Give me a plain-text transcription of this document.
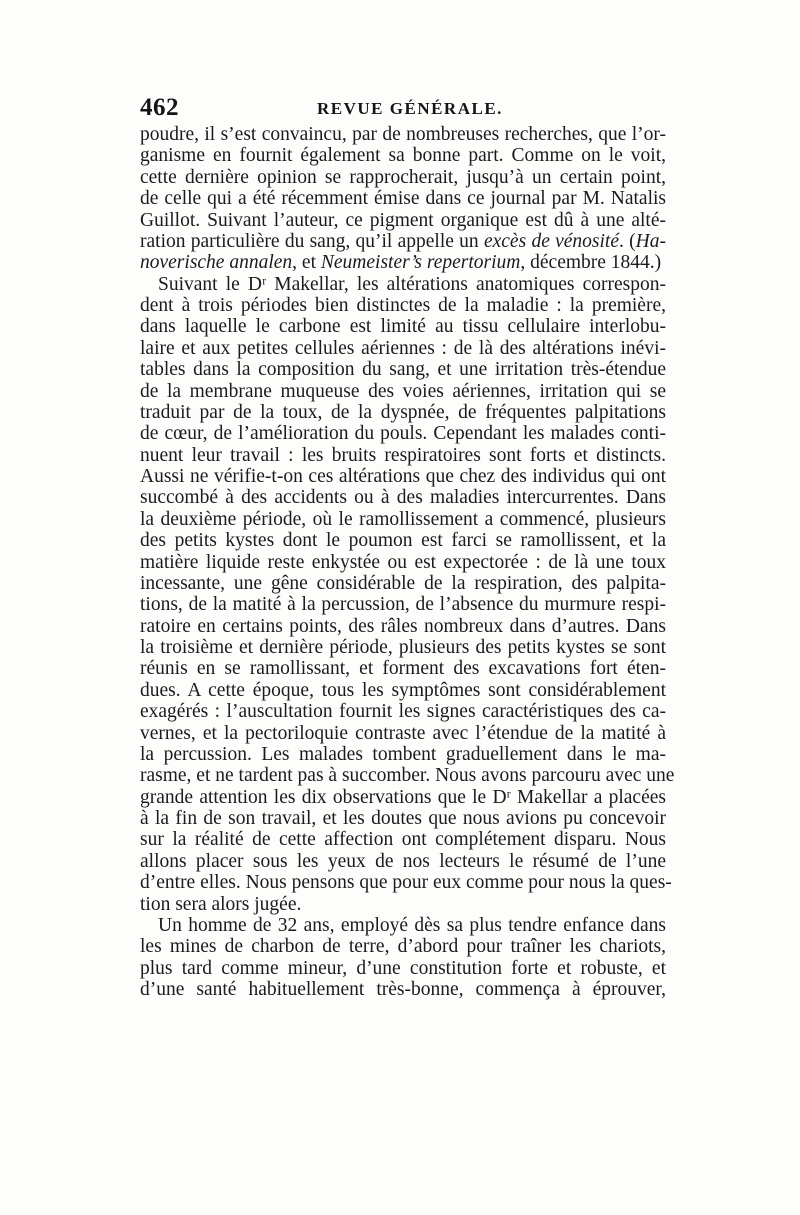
462	REVUE GÉNÉRALE.
poudre, il s’est convaincu, par de nombreuses recherches, que l’or-
ganisme en fournit également sa bonne part. Comme on le voit,
cette dernière opinion se rapprocherait, jusqu’à un certain point,
de celle qui a été récemment émise dans ce journal par M. Natalis
Guillot. Suivant l’auteur, ce pigment organique est dû à une alté-
ration particulière du sang, qu’il appelle un excès de vénosité. (Ha-
noverische annalen, et Neumeister’s repertorium, décembre 1844.)
Suivant le Dʳ Makellar, les altérations anatomiques correspon-
dent à trois périodes bien distinctes de la maladie : la première,
dans laquelle le carbone est limité au tissu cellulaire interlobu-
laire et aux petites cellules aériennes : de là des altérations inévi-
tables dans la composition du sang, et une irritation très-étendue
de la membrane muqueuse des voies aériennes, irritation qui se
traduit par de la toux, de la dyspnée, de fréquentes palpitations
de cœur, de l’amélioration du pouls. Cependant les malades conti-
nuent leur travail : les bruits respiratoires sont forts et distincts.
Aussi ne vérifie-t-on ces altérations que chez des individus qui ont
succombé à des accidents ou à des maladies intercurrentes. Dans
la deuxième période, où le ramollissement a commencé, plusieurs
des petits kystes dont le poumon est farci se ramollissent, et la
matière liquide reste enkystée ou est expectorée : de là une toux
incessante, une gêne considérable de la respiration, des palpita-
tions, de la matité à la percussion, de l’absence du murmure respi-
ratoire en certains points, des râles nombreux dans d’autres. Dans
la troisième et dernière période, plusieurs des petits kystes se sont
réunis en se ramollissant, et forment des excavations fort éten-
dues. A cette époque, tous les symptômes sont considérablement
exagérés : l’auscultation fournit les signes caractéristiques des ca-
vernes, et la pectoriloquie contraste avec l’étendue de la matité à
la percussion. Les malades tombent graduellement dans le ma-
rasme, et ne tardent pas à succomber. Nous avons parcouru avec une
grande attention les dix observations que le Dʳ Makellar a placées
à la fin de son travail, et les doutes que nous avions pu concevoir
sur la réalité de cette affection ont complétement disparu. Nous
allons placer sous les yeux de nos lecteurs le résumé de l’une
d’entre elles. Nous pensons que pour eux comme pour nous la ques-
tion sera alors jugée.
Un homme de 32 ans, employé dès sa plus tendre enfance dans
les mines de charbon de terre, d’abord pour traîner les chariots,
plus tard comme mineur, d’une constitution forte et robuste, et
d’une santé habituellement très-bonne, commença à éprouver,
